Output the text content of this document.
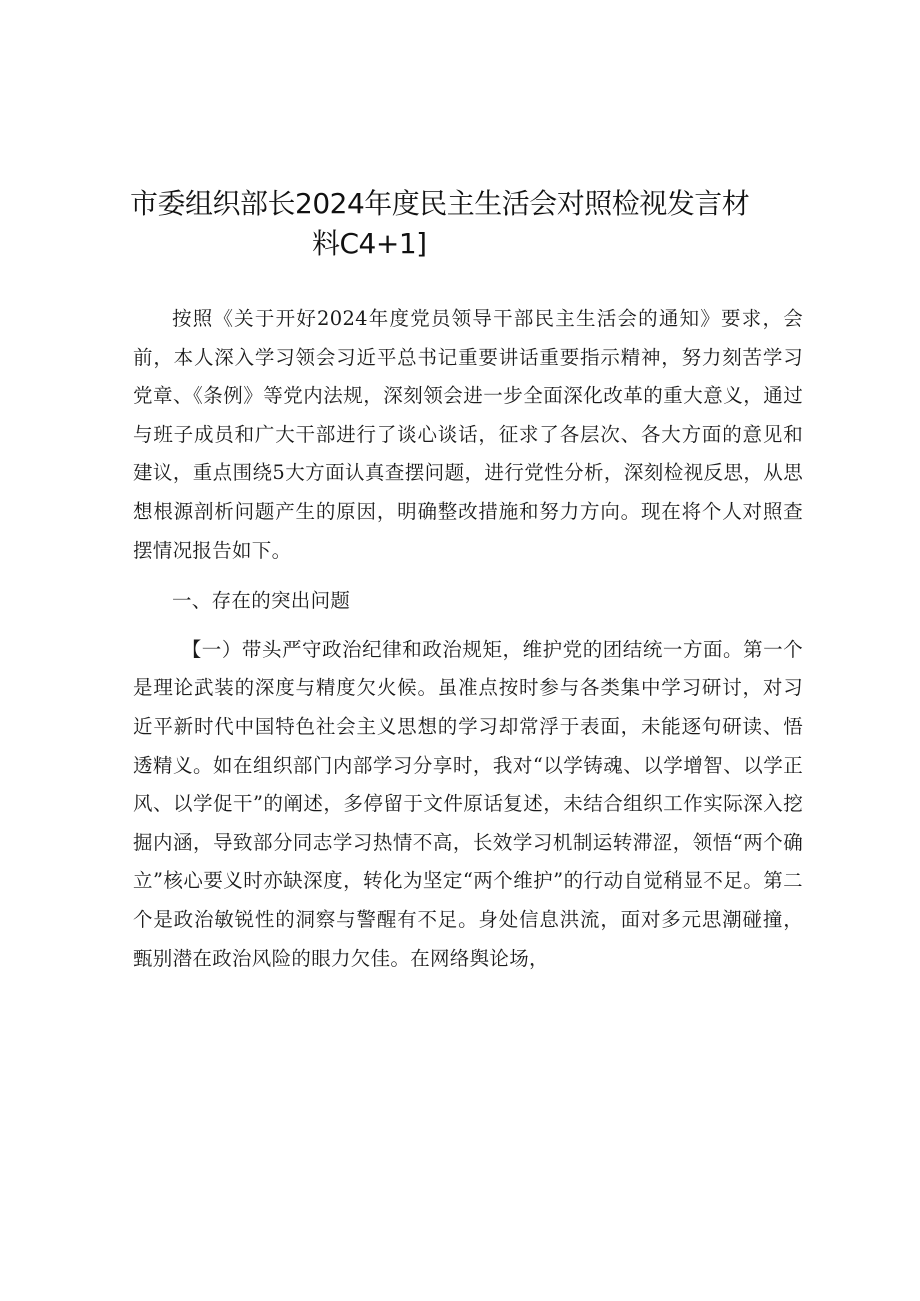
市委组织部长2024年度民主生活会对照检视发言材
料C4+1]

按照《关于开好2024年度党员领导干部民主生活会的通知》要求，会前，本人深入学习领会习近平总书记重要讲话重要指示精神，努力刻苦学习党章、《条例》等党内法规，深刻领会进一步全面深化改革的重大意义，通过与班子成员和广大干部进行了谈心谈话，征求了各层次、各大方面的意见和建议，重点围绕5大方面认真查摆问题，进行党性分析，深刻检视反思，从思想根源剖析问题产生的原因，明确整改措施和努力方向。现在将个人对照查摆情况报告如下。

一、存在的突出问题

【一）带头严守政治纪律和政治规矩，维护党的团结统一方面。第一个是理论武装的深度与精度欠火候。虽准点按时参与各类集中学习研讨，对习近平新时代中国特色社会主义思想的学习却常浮于表面，未能逐句研读、悟透精义。如在组织部门内部学习分享时，我对“以学铸魂、以学增智、以学正风、以学促干”的阐述，多停留于文件原话复述，未结合组织工作实际深入挖掘内涵，导致部分同志学习热情不高，长效学习机制运转滞涩，领悟“两个确立”核心要义时亦缺深度，转化为坚定“两个维护”的行动自觉稍显不足。第二个是政治敏锐性的洞察与警醒有不足。身处信息洪流，面对多元思潮碰撞，甄别潜在政治风险的眼力欠佳。在网络舆论场，
